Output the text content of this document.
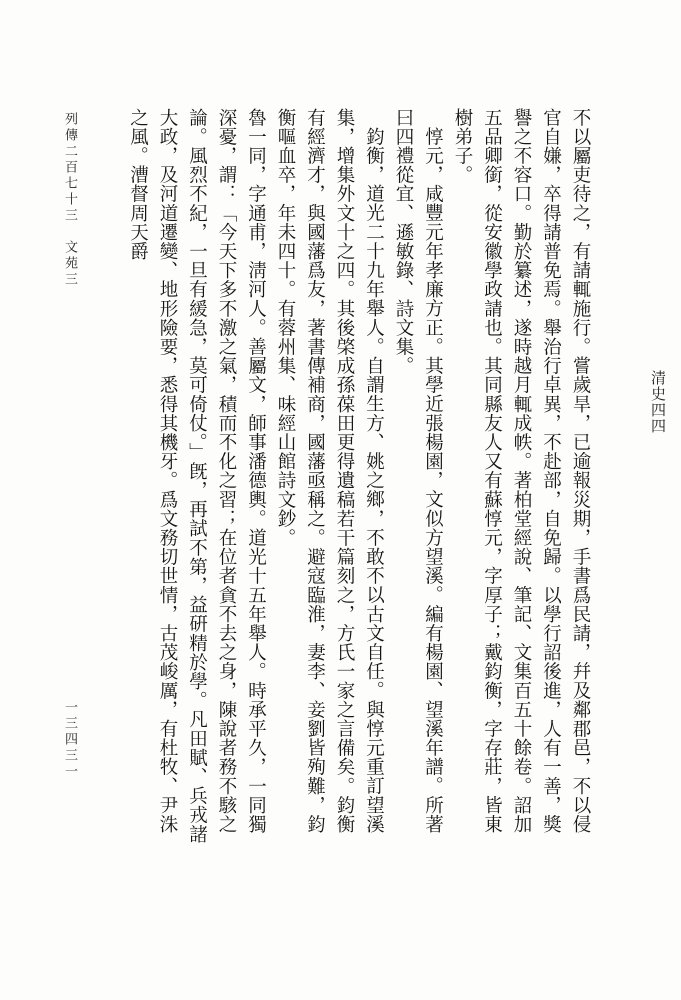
清史四四

不以屬吏待之，有請輒施行。嘗歲旱，已逾報災期，手書爲民請，幷及鄰郡邑，不以侵官自嫌，卒得請普免焉。舉治行卓異，不赴部，自免歸。以學行詔後進，人有一善，獎譽之不容口。勤於纂述，遂時越月輒成帙。著柏堂經說、筆記、文集百五十餘卷。詔加五品卿銜，從安徽學政請也。其同縣友人又有蘇惇元，字厚子；戴鈞衡，字存莊，皆東樹弟子。

惇元，咸豐元年孝廉方正。其學近張楊園，文似方望溪。編有楊園、望溪年譜。所著曰四禮從宜、遜敏錄、詩文集。

鈞衡，道光二十九年舉人。自謂生方、姚之鄉，不敢不以古文自任。與惇元重訂望溪集，增集外文十之四。其後棨成孫葆田更得遺稿若干篇刻之，方氏一家之言備矣。鈞衡有經濟才，與國藩爲友，著書傳補商，國藩亟稱之。避寇臨淮，妻李、妾劉皆殉難，鈞衡嘔血卒，年未四十。有蓉州集、味經山館詩文鈔。

魯一同，字通甫，淸河人。善屬文，師事潘德輿。道光十五年舉人。時承平久，一同獨深憂，謂：「今天下多不激之氣，積而不化之習；在位者貪不去之身，陳說者務不駭之論。風烈不紀，一旦有緩急，莫可倚仗。」旣，再試不第，益硏精於學。凡田賦、兵戎諸大政，及河道遷變、地形險要，悉得其機牙。爲文務切世情，古茂峻厲，有杜牧、尹洙之風。漕督周天爵

列傳二百七十三　文苑三
一三四三一
